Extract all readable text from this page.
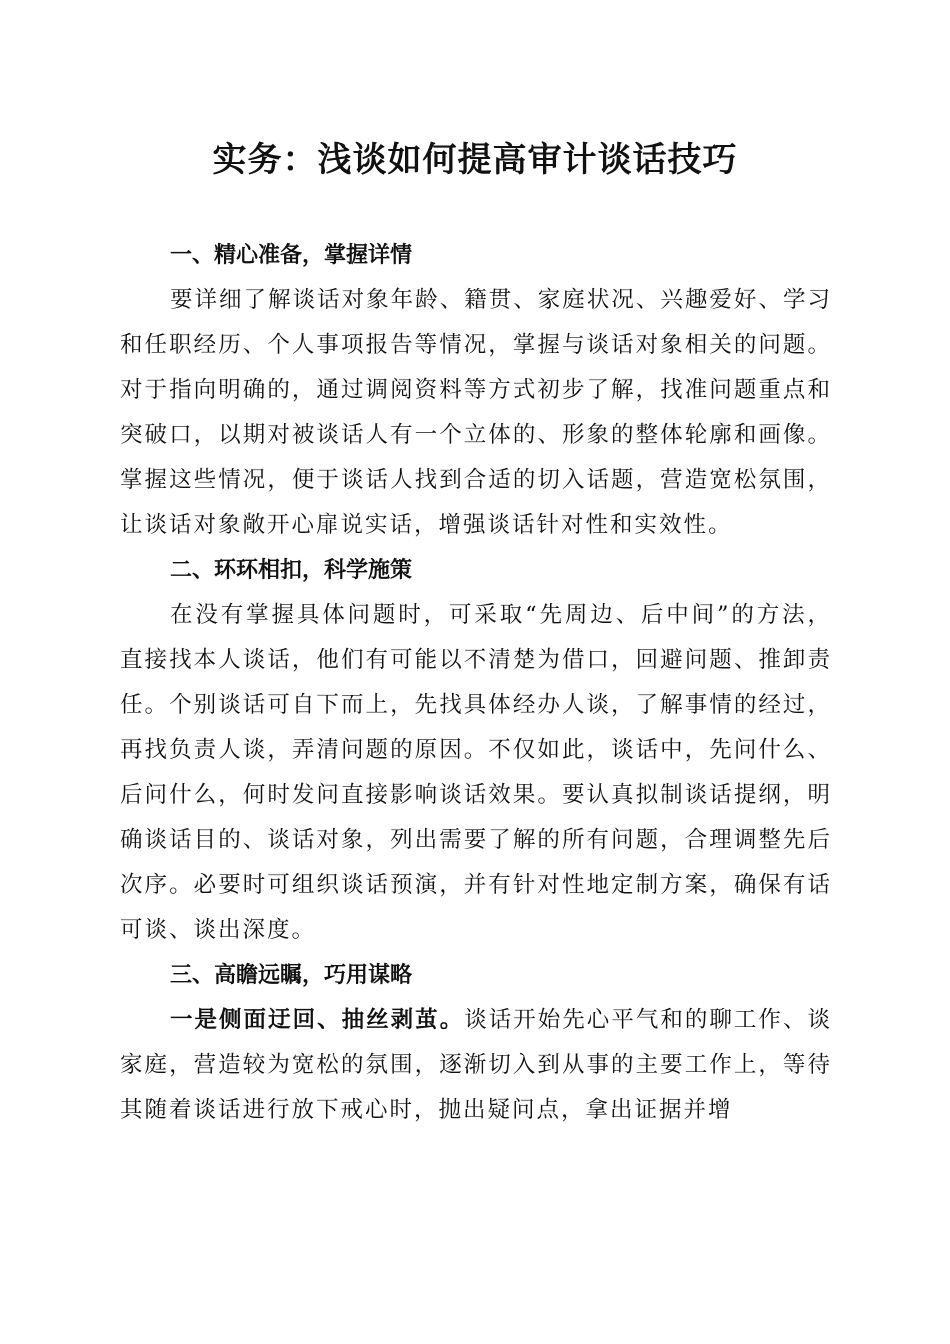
实务：浅谈如何提高审计谈话技巧

一、精心准备，掌握详情

要详细了解谈话对象年龄、籍贯、家庭状况、兴趣爱好、学习和任职经历、个人事项报告等情况，掌握与谈话对象相关的问题。对于指向明确的，通过调阅资料等方式初步了解，找准问题重点和突破口，以期对被谈话人有一个立体的、形象的整体轮廓和画像。掌握这些情况，便于谈话人找到合适的切入话题，营造宽松氛围，让谈话对象敞开心扉说实话，增强谈话针对性和实效性。

二、环环相扣，科学施策

在没有掌握具体问题时，可采取“先周边、后中间”的方法，直接找本人谈话，他们有可能以不清楚为借口，回避问题、推卸责任。个别谈话可自下而上，先找具体经办人谈，了解事情的经过，再找负责人谈，弄清问题的原因。不仅如此，谈话中，先问什么、后问什么，何时发问直接影响谈话效果。要认真拟制谈话提纲，明确谈话目的、谈话对象，列出需要了解的所有问题，合理调整先后次序。必要时可组织谈话预演，并有针对性地定制方案，确保有话可谈、谈出深度。

三、高瞻远瞩，巧用谋略

一是侧面迂回、抽丝剥茧。谈话开始先心平气和的聊工作、谈家庭，营造较为宽松的氛围，逐渐切入到从事的主要工作上，等待其随着谈话进行放下戒心时，抛出疑问点，拿出证据并增
